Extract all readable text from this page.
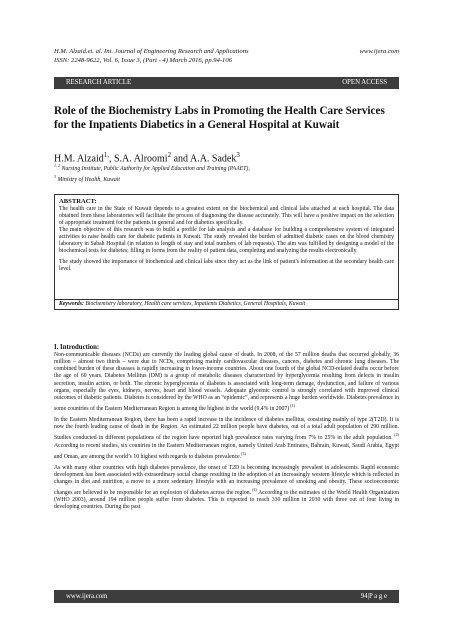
H.M. Alzaid.et. al. Int. Journal of Engineering Research and Applications
ISSN: 2248-9622, Vol. 6, Issue 3, (Part - 4) March 2016, pp.94-106
www.ijera.com
RESEARCH ARTICLE	OPEN ACCESS
Role of the Biochemistry Labs in Promoting the Health Care Services for the Inpatients Diabetics in a General Hospital at Kuwait
H.M. Alzaid$^{1,}$, S.A. Alroomi$^2$ and A.A. Sadek$^3$
$^{1, 2}$ Nursing Institute, Public Authority for Applied Education and Training (PAAET),
$^3$ Ministry of Health, Kuwait
ABSTRACT:

The health care in the State of Kuwait depends to a greatest extent on the biochemical and clinical labs attached at each hospital. The data obtained from these laboratories will facilitate the process of diagnosing the disease accurately. This will have a positive impact on the selection of appropriate treatment for the patients in general and for diabetics specifically.

The main objective of this research was to build a profile for lab analysis and a database for building a comprehensive system of integrated activities to raise health care for diabetic patients in Kuwait. The study revealed the burden of admitted diabetic cases on the blood chemistry laboratory in Sabah Hospital (in relation to length of stay and total numbers of lab requests). The aim was fulfilled by designing a model of the biochemical tests for diabetes; filling in forms from the reality of patient data, completing and analyzing the results electronically.

The study showed the importance of biochemical and clinical labs since they act as the link of patient's information at the secondary health care level.

Keywords: Biochemistry laboratory, Health care services, Inpatients Diabetics, General Hospitals, Kuwait
I. Introduction:

Non-communicable diseases (NCDs) are currently the leading global cause of death. In 2008, of the 57 million deaths that occurred globally, 36 million – almost two thirds – were due to NCDs, comprising mainly cardiovascular diseases, cancers, diabetes and chronic lung diseases. The combined burden of these diseases is rapidly increasing in lower-income countries. About one fourth of the global NCD-related deaths occur before the age of 60 years. Diabetes Mellitus (DM) is a group of metabolic diseases characterized by hyperglycemia resulting from defects in insulin secretion, insulin action, or both. The chronic hyperglycemia of diabetes is associated with long-term damage, dysfunction, and failure of various organs, especially the eyes, kidneys, nerves, heart and blood vessels. Adequate glycemic control is strongly correlated with improved clinical outcomes of diabetic patients. Diabetes is considered by the WHO as an “epidemic”, and represents a huge burden worldwide. Diabetes prevalence in some countries of the Eastern Mediterranean Region is among the highest in the world (9.4% in 2007) $^{(1)}$

In the Eastern Mediterranean Region, there has been a rapid increase in the incidence of diabetes mellitus, consisting mainly of type 2(T2D). It is now the fourth leading cause of death in the Region. An estimated 22 million people have diabetes, out of a total adult population of 290 million. Studies conducted in different populations of the region have reported high prevalence rates varying from 7% to 25% in the adult population. $^{(2)}$ According to recent studies, six countries in the Eastern Mediterranean region, namely United Arab Emirates, Bahrain, Kuwait, Saudi Arabia, Egypt and Oman, are among the world’s 10 highest with regards to diabetes prevalence.$^{(3)}$

As with many other countries with high diabetes prevalence, the onset of T2D is becoming increasingly prevalent in adolescents. Rapid economic development has been associated with extraordinary social change resulting in the adoption of an increasingly western lifestyle which is reflected in changes in diet and nutrition, a move to a more sedentary lifestyle with an increasing prevalence of smoking and obesity. These socioeconomic changes are believed to be responsible for an explosion of diabetes across the region. $^{(4)}$ According to the estimates of the World Health Organization (WHO 2003), around 194 million people suffer from diabetes. This is expected to reach 330 million in 2030 with three out of four living in developing countries. During the past

www.ijera.com	94|P a g e
